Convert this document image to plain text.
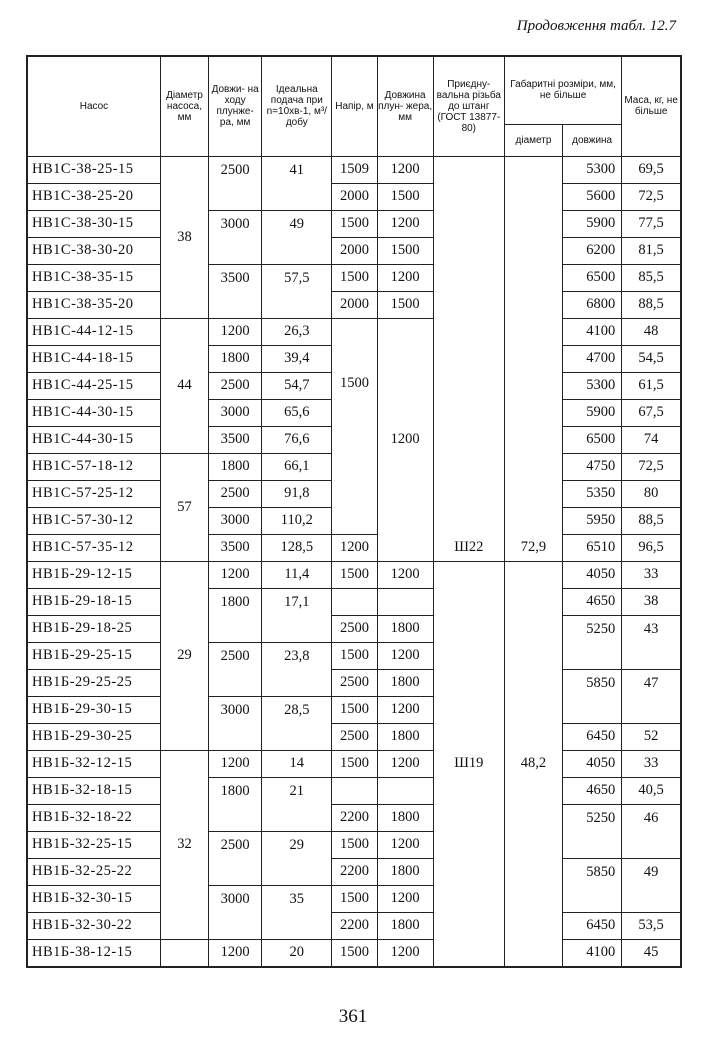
Продовження табл. 12.7
Насос	Діаметр насоса, мм	Довжи- на ходу плунже- ра, мм	Ідеальна подача при n=10хв-1, м³/добу	Напір, м	Довжина плун- жера, мм	Приєдну- вальна різьба до штанг (ГОСТ 13877-80)	Габаритні розміри, мм, не більше		Маса, кг, не більше
							діаметр	довжина	
НВ1С-38-25-15	38	2500	41	1509	1200	Ш22	72,9	5300	69,5
НВ1С-38-25-20				2000	1500			5600	72,5
НВ1С-38-30-15		3000	49	1500	1200			5900	77,5
НВ1С-38-30-20				2000	1500			6200	81,5
НВ1С-38-35-15		3500	57,5	1500	1200			6500	85,5
НВ1С-38-35-20				2000	1500			6800	88,5
НВ1С-44-12-15	44	1200	26,3	1500	1200			4100	48
НВ1С-44-18-15		1800	39,4					4700	54,5
НВ1С-44-25-15		2500	54,7					5300	61,5
НВ1С-44-30-15		3000	65,6					5900	67,5
НВ1С-44-30-15		3500	76,6					6500	74
НВ1С-57-18-12	57	1800	66,1					4750	72,5
НВ1С-57-25-12		2500	91,8					5350	80
НВ1С-57-30-12		3000	110,2					5950	88,5
НВ1С-57-35-12		3500	128,5	1200				6510	96,5
НВ1Б-29-12-15	29	1200	11,4	1500	1200	Ш19	48,2	4050	33
НВ1Б-29-18-15		1800	17,1					4650	38
НВ1Б-29-18-25				2500	1800			5250	43
НВ1Б-29-25-15		2500	23,8	1500	1200				
НВ1Б-29-25-25				2500	1800			5850	47
НВ1Б-29-30-15		3000	28,5	1500	1200				
НВ1Б-29-30-25				2500	1800			6450	52
НВ1Б-32-12-15	32	1200	14	1500	1200			4050	33
НВ1Б-32-18-15		1800	21					4650	40,5
НВ1Б-32-18-22				2200	1800			5250	46
НВ1Б-32-25-15		2500	29	1500	1200				
НВ1Б-32-25-22				2200	1800			5850	49
НВ1Б-32-30-15		3000	35	1500	1200				
НВ1Б-32-30-22				2200	1800			6450	53,5
НВ1Б-38-12-15		1200	20	1500	1200			4100	45
361
